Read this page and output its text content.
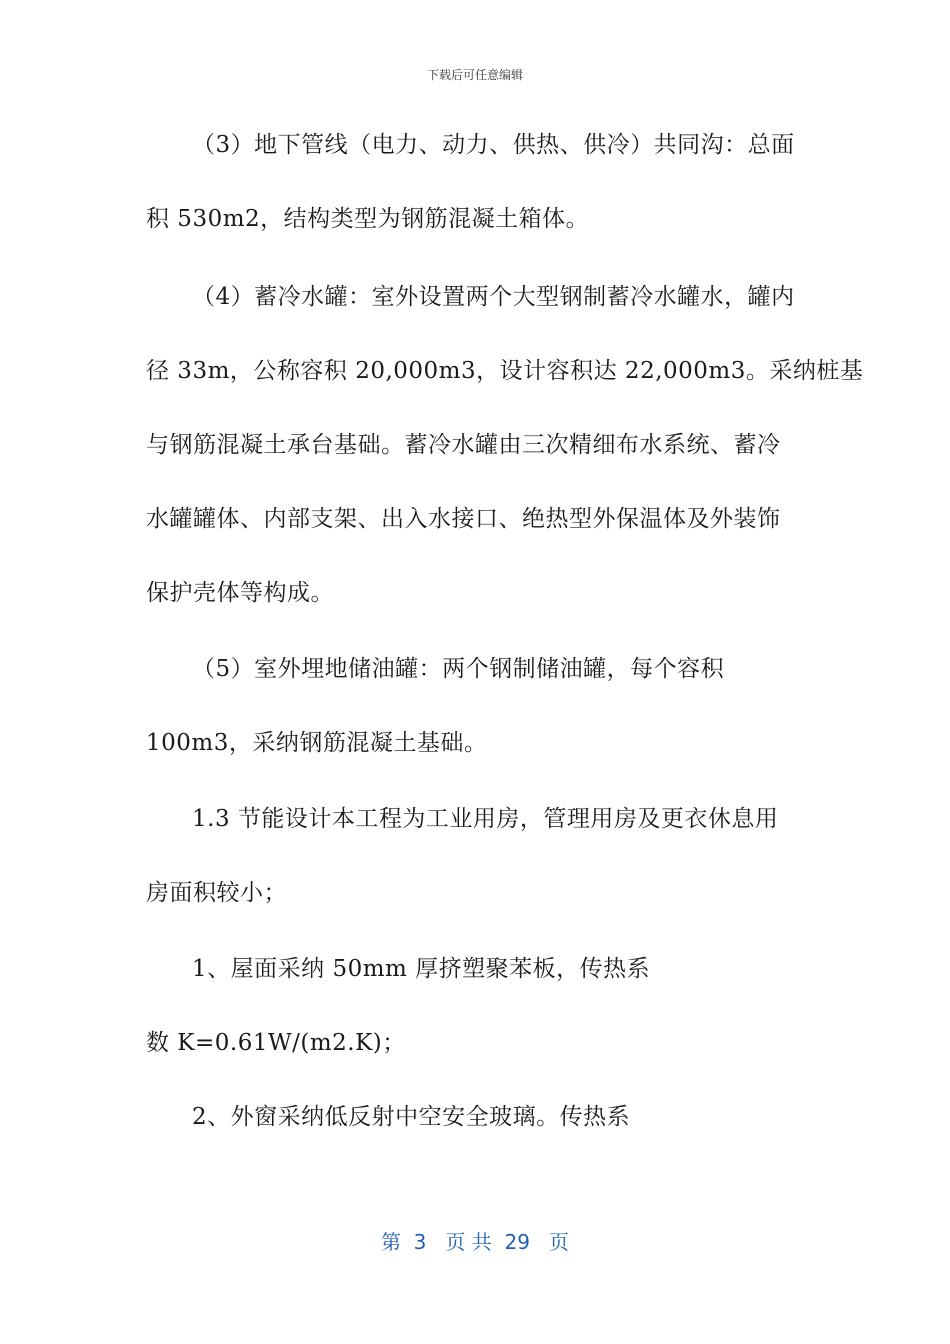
下载后可任意编辑
（3）地下管线（电力、动力、供热、供冷）共同沟：总面
积 530m2，结构类型为钢筋混凝土箱体。
（4）蓄冷水罐：室外设置两个大型钢制蓄冷水罐水，罐内
径 33m，公称容积 20,000m3，设计容积达 22,000m3。采纳桩基
与钢筋混凝土承台基础。蓄冷水罐由三次精细布水系统、蓄冷
水罐罐体、内部支架、出入水接口、绝热型外保温体及外装饰
保护壳体等构成。
（5）室外埋地储油罐：两个钢制储油罐，每个容积
100m3，采纳钢筋混凝土基础。
1.3 节能设计本工程为工业用房，管理用房及更衣休息用
房面积较小；
1、屋面采纳 50mm 厚挤塑聚苯板，传热系
数 K=0.61W/(m2.K)；
2、外窗采纳低反射中空安全玻璃。传热系
第  3   页 共  29   页
